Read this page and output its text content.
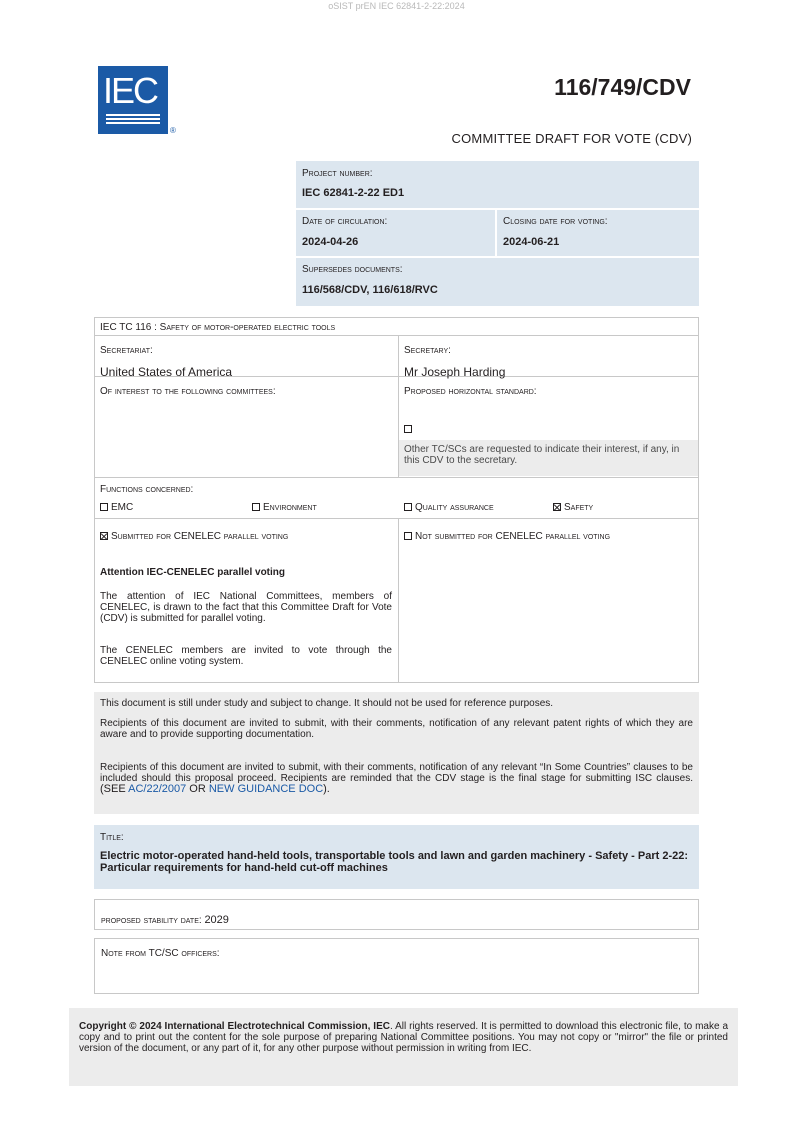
oSIST prEN IEC 62841-2-22:2024
IEC
®
116/749/CDV
COMMITTEE DRAFT FOR VOTE (CDV)
Project number:
IEC 62841-2-22 ED1
Date of circulation:
2024-04-26
Closing date for voting:
2024-06-21
Supersedes documents:
116/568/CDV, 116/618/RVC
IEC TC 116 : Safety of motor-operated electric tools
Secretariat:
United States of America
Secretary:
Mr Joseph Harding
Of interest to the following committees:	Proposed horizontal standard:
Other TC/SCs are requested to indicate their interest, if any, in this CDV to the secretary.
Functions concerned:
EMC	Environment	Quality assurance	Safety
Submitted for CENELEC parallel voting	Not submitted for CENELEC parallel voting
Attention IEC-CENELEC parallel voting
The attention of IEC National Committees, members of CENELEC, is drawn to the fact that this Committee Draft for Vote (CDV) is submitted for parallel voting.
The CENELEC members are invited to vote through the CENELEC online voting system.
This document is still under study and subject to change. It should not be used for reference purposes.
Recipients of this document are invited to submit, with their comments, notification of any relevant patent rights of which they are aware and to provide supporting documentation.
Recipients of this document are invited to submit, with their comments, notification of any relevant “In Some Countries” clauses to be included should this proposal proceed. Recipients are reminded that the CDV stage is the final stage for submitting ISC clauses. (SEE AC/22/2007 OR NEW GUIDANCE DOC).
Title:
Electric motor-operated hand-held tools, transportable tools and lawn and garden machinery - Safety - Part 2-22: Particular requirements for hand-held cut-off machines
proposed stability date: 2029
Note from TC/SC officers:
Copyright © 2024 International Electrotechnical Commission, IEC. All rights reserved. It is permitted to download this electronic file, to make a copy and to print out the content for the sole purpose of preparing National Committee positions. You may not copy or "mirror" the file or printed version of the document, or any part of it, for any other purpose without permission in writing from IEC.
